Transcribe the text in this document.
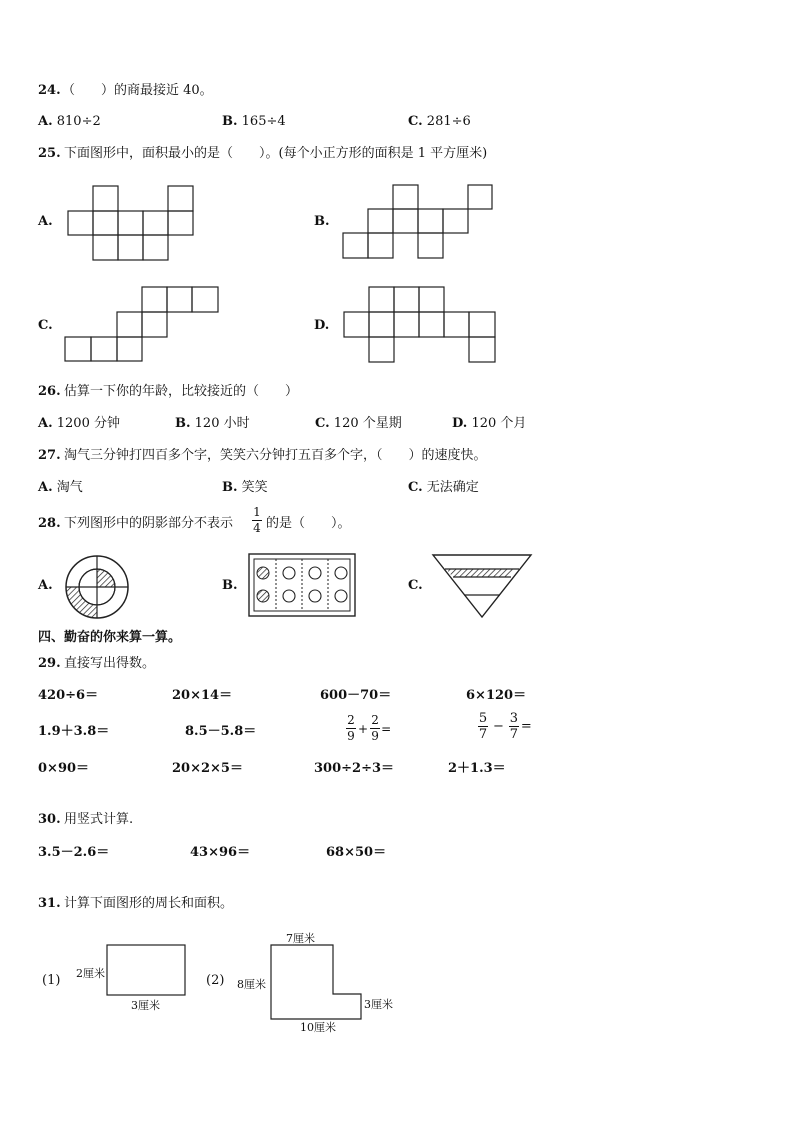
24. （　　）的商最接近 40。
A. 810÷2	B. 165÷4	C. 281÷6
25. 下面图形中，面积最小的是（　　）。(每个小正方形的面积是 1 平方厘米)
A.	B.
C.	D.
26. 估算一下你的年龄，比较接近的（　　）
A. 1200 分钟	B. 120 小时	C. 120 个星期	D. 120 个月
27. 淘气三分钟打四百多个字，笑笑六分钟打五百多个字，（　　）的速度快。
A. 淘气	B. 笑笑	C. 无法确定
28. 下列图形中的阴影部分不表示
1
4 的是（　　）。
A.	B.	C.
四、勤奋的你来算一算。
29. 直接写出得数。
420÷6＝	20×14＝	600－70＝	6×120＝
1.9＋3.8＝	8.5－5.8＝	$\frac{2}{9} + \frac{2}{9}$ =	$\frac{5}{7} - \frac{3}{7}$ =
0×90＝	20×2×5＝	300÷2÷3＝	2＋1.3＝
30. 用竖式计算.
3.5－2.6＝	43×96＝	68×50＝
31. 计算下面图形的周长和面积。
(1) 2厘米
3厘米
(2)
7厘米
8厘米
3厘米
10厘米
